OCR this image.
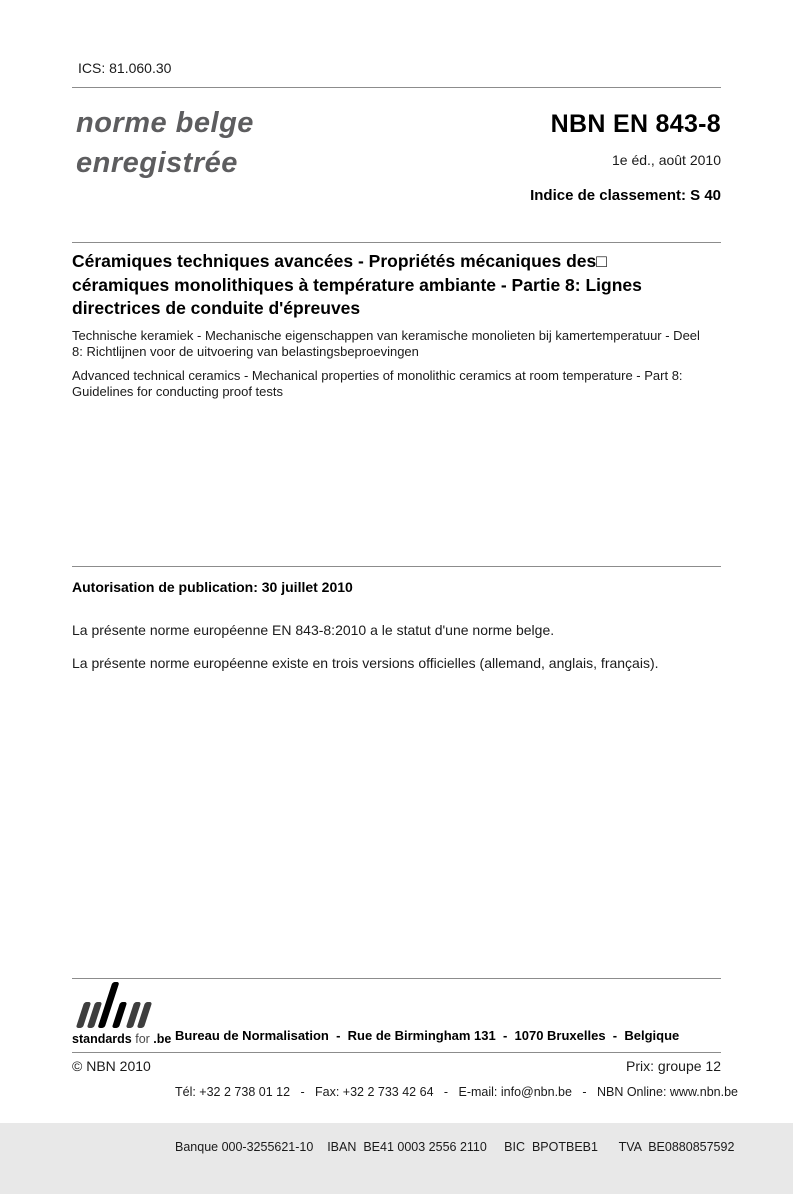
ICS: 81.060.30
norme belge
enregistrée
NBN EN 843-8
1e éd., août 2010
Indice de classement: S 40
Céramiques techniques avancées - Propriétés mécaniques des□
céramiques monolithiques à température ambiante - Partie 8: Lignes
directrices de conduite d'épreuves
Technische keramiek - Mechanische eigenschappen van keramische monolieten bij kamertemperatuur - Deel
8: Richtlijnen voor de uitvoering van belastingsbeproevingen
Advanced technical ceramics - Mechanical properties of monolithic ceramics at room temperature - Part 8:
Guidelines for conducting proof tests
Autorisation de publication: 30 juillet 2010
La présente norme européenne EN 843-8:2010 a le statut d'une norme belge.
La présente norme européenne existe en trois versions officielles (allemand, anglais, français).
standards for .be

Bureau de Normalisation  -  Rue de Birmingham 131  -  1070 Bruxelles  -  Belgique

Tél: +32 2 738 01 12   -   Fax: +32 2 733 42 64   -   E-mail: info@nbn.be   -   NBN Online: www.nbn.be

Banque 000-3255621-10    IBAN  BE41 0003 2556 2110     BIC  BPOTBEB1      TVA  BE0880857592

© NBN 2010	Prix: groupe 12
